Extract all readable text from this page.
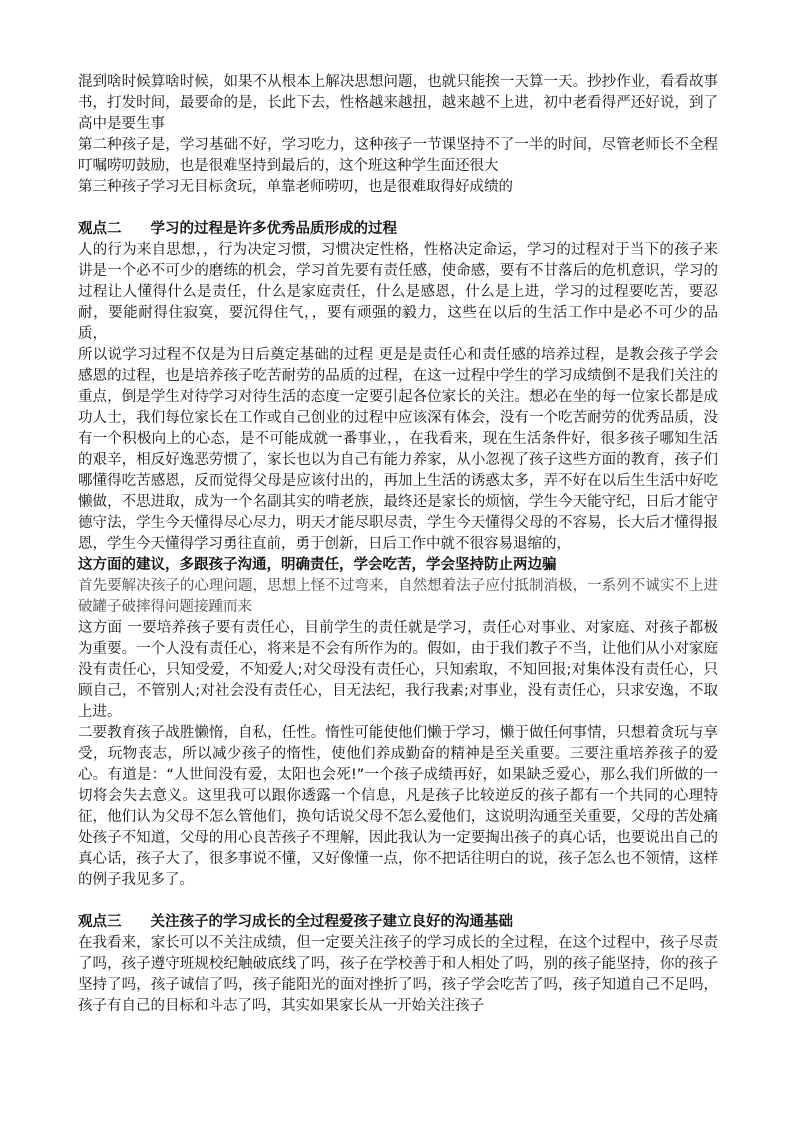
混到啥时候算啥时候，如果不从根本上解决思想问题，也就只能挨一天算一天。抄抄作业，看看故事书，打发时间，最要命的是，长此下去，性格越来越扭，越来越不上进，初中老看得严还好说，到了高中是要生事

第二种孩子是，学习基础不好，学习吃力，这种孩子一节课坚持不了一半的时间，尽管老师长不全程叮嘱唠叨鼓励，也是很难坚持到最后的，这个班这种学生面还很大

第三种孩子学习无目标贪玩，单靠老师唠叨，也是很难取得好成绩的

观点二　　学习的过程是许多优秀品质形成的过程

人的行为来自思想，，行为决定习惯，习惯决定性格，性格决定命运，学习的过程对于当下的孩子来讲是一个必不可少的磨练的机会，学习首先要有责任感，使命感，要有不甘落后的危机意识，学习的过程让人懂得什么是责任，什么是家庭责任，什么是感恩，什么是上进，学习的过程要吃苦，要忍耐，要能耐得住寂寞，要沉得住气，，要有顽强的毅力，这些在以后的生活工作中是必不可少的品质，

所以说学习过程不仅是为日后奠定基础的过程 更是是责任心和责任感的培养过程，是教会孩子学会感恩的过程，也是培养孩子吃苦耐劳的品质的过程，在这一过程中学生的学习成绩倒不是我们关注的重点，倒是学生对待学习对待生活的态度一定要引起各位家长的关注。想必在坐的每一位家长都是成功人士，我们每位家长在工作或自己创业的过程中应该深有体会，没有一个吃苦耐劳的优秀品质，没有一个积极向上的心态，是不可能成就一番事业，，在我看来，现在生活条件好，很多孩子哪知生活的艰辛，相反好逸恶劳惯了，家长也以为自己有能力养家，从小忽视了孩子这些方面的教育，孩子们哪懂得吃苦感恩，反而觉得父母是应该付出的，再加上生活的诱惑太多，弄不好在以后生生活中好吃懒做，不思进取，成为一个名副其实的啃老族，最终还是家长的烦恼，学生今天能守纪，日后才能守德守法，学生今天懂得尽心尽力，明天才能尽职尽责，学生今天懂得父母的不容易，长大后才懂得报恩，学生今天懂得学习勇往直前，勇于创新，日后工作中就不很容易退缩的，

这方面的建议，多跟孩子沟通，明确责任，学会吃苦，学会坚持防止两边骗

首先要解决孩子的心理问题，思想上怪不过弯来，自然想着法子应付抵制消极，一系列不诚实不上进破罐子破摔得问题接踵而来

这方面 一要培养孩子要有责任心，目前学生的责任就是学习，责任心对事业、对家庭、对孩子都极为重要。一个人没有责任心，将来是不会有所作为的。假如，由于我们教子不当，让他们从小对家庭没有责任心，只知受爱，不知爱人;对父母没有责任心，只知索取，不知回报;对集体没有责任心，只顾自己，不管别人;对社会没有责任心，目无法纪，我行我素;对事业，没有责任心，只求安逸，不取上进。

二要教育孩子战胜懒惰，自私，任性。惰性可能使他们懒于学习，懒于做任何事情，只想着贪玩与享受，玩物丧志，所以减少孩子的惰性，使他们养成勤奋的精神是至关重要。三要注重培养孩子的爱心。有道是：“人世间没有爱，太阳也会死!”一个孩子成绩再好，如果缺乏爱心，那么我们所做的一切将会失去意义。这里我可以跟你透露一个信息，凡是孩子比较逆反的孩子都有一个共同的心理特征，他们认为父母不怎么管他们，换句话说父母不怎么爱他们，这说明沟通至关重要，父母的苦处痛处孩子不知道，父母的用心良苦孩子不理解，因此我认为一定要掏出孩子的真心话，也要说出自己的真心话，孩子大了，很多事说不懂，又好像懂一点，你不把话往明白的说，孩子怎么也不领情，这样的例子我见多了。

观点三　　关注孩子的学习成长的全过程爱孩子建立良好的沟通基础

在我看来，家长可以不关注成绩，但一定要关注孩子的学习成长的全过程，在这个过程中，孩子尽责了吗，孩子遵守班规校纪触破底线了吗，孩子在学校善于和人相处了吗，别的孩子能坚持，你的孩子坚持了吗，孩子诚信了吗，孩子能阳光的面对挫折了吗，孩子学会吃苦了吗，孩子知道自己不足吗，孩子有自己的目标和斗志了吗，其实如果家长从一开始关注孩子
